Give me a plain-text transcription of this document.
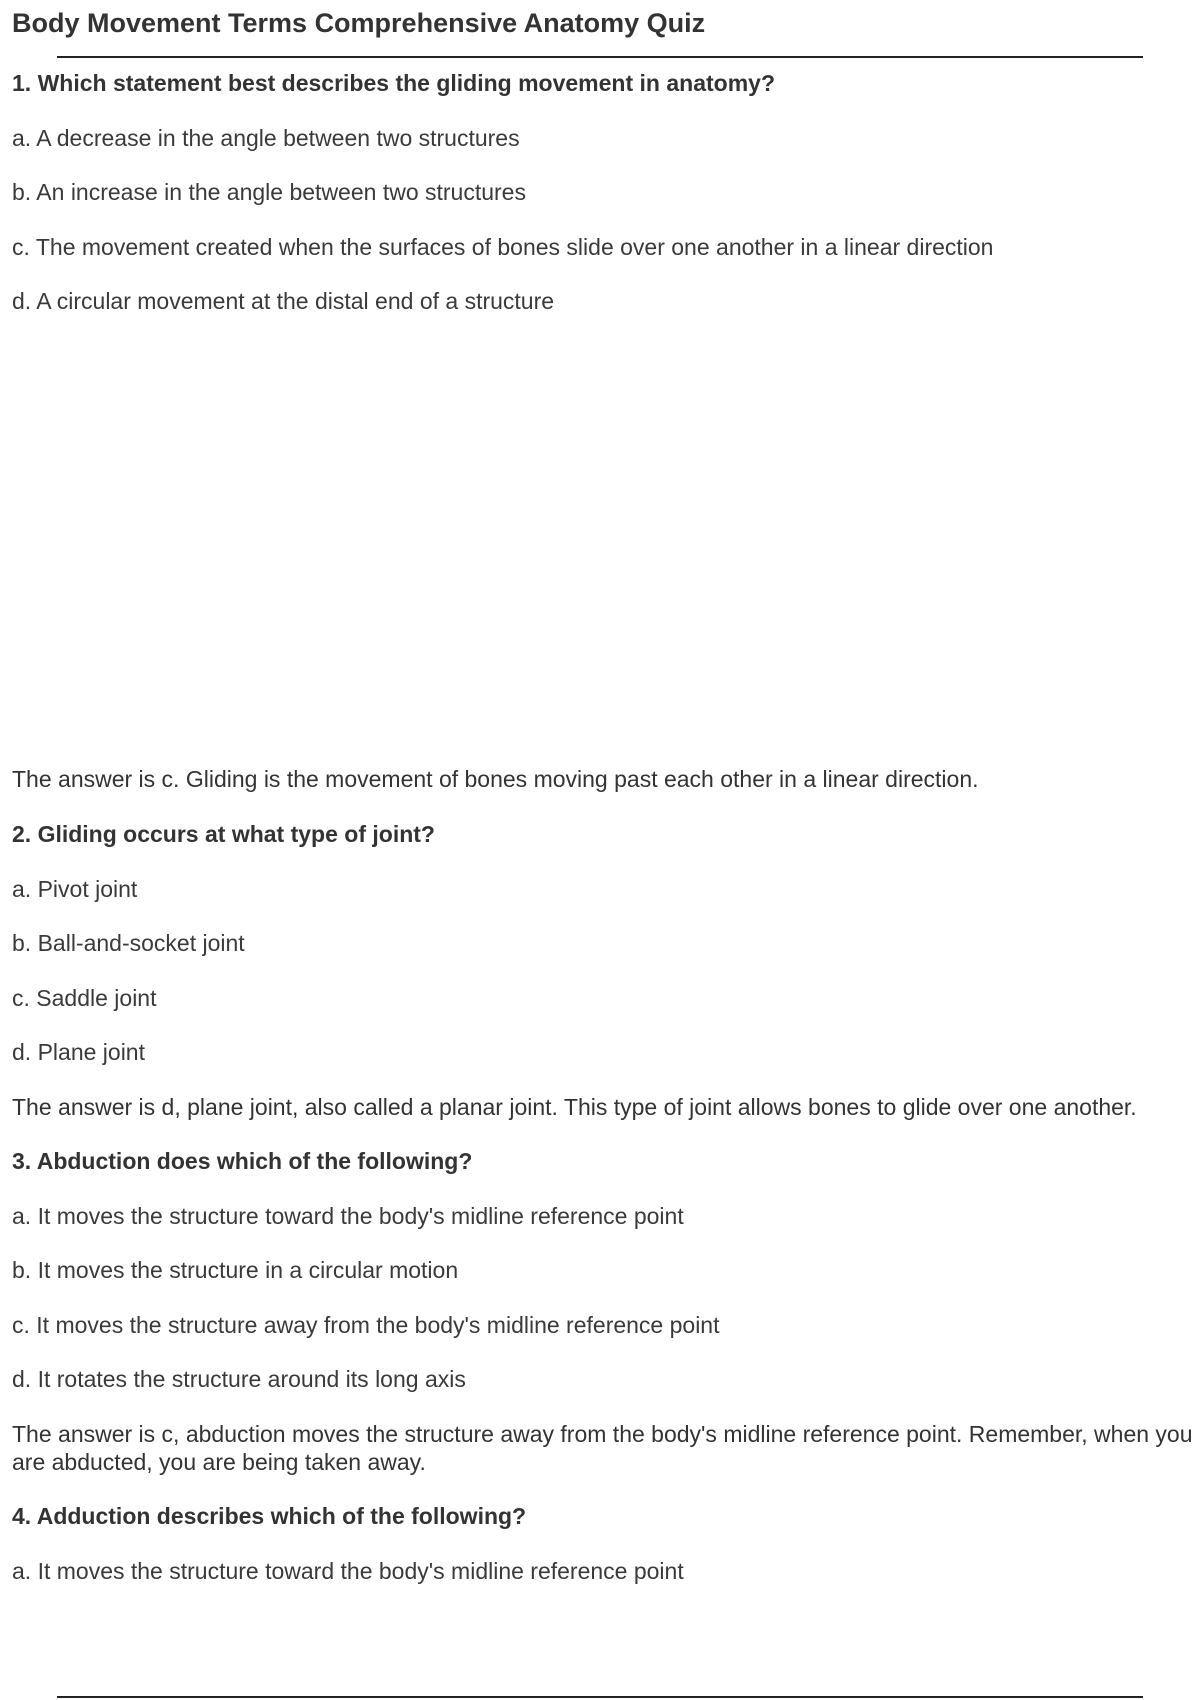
Body Movement Terms Comprehensive Anatomy Quiz
1. Which statement best describes the gliding movement in anatomy?
a. A decrease in the angle between two structures
b. An increase in the angle between two structures
c. The movement created when the surfaces of bones slide over one another in a linear direction
d. A circular movement at the distal end of a structure
The answer is c. Gliding is the movement of bones moving past each other in a linear direction.
2. Gliding occurs at what type of joint?
a. Pivot joint
b. Ball-and-socket joint
c. Saddle joint
d. Plane joint
The answer is d, plane joint, also called a planar joint. This type of joint allows bones to glide over one another.
3. Abduction does which of the following?
a. It moves the structure toward the body's midline reference point
b. It moves the structure in a circular motion
c. It moves the structure away from the body's midline reference point
d. It rotates the structure around its long axis
The answer is c, abduction moves the structure away from the body's midline reference point. Remember, when you are abducted, you are being taken away.
4. Adduction describes which of the following?
a. It moves the structure toward the body's midline reference point
